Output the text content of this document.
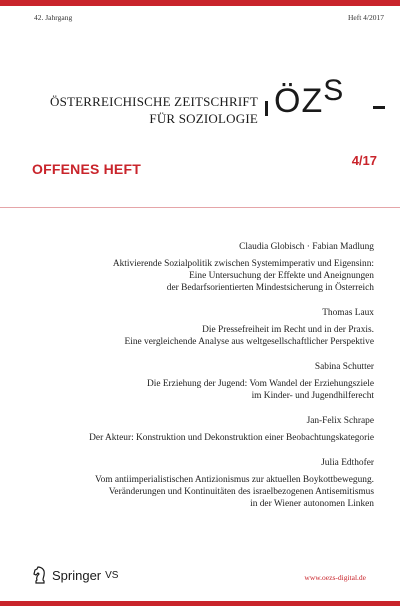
42. Jahrgang	Heft 4/2017
ÖSTERREICHISCHE ZEITSCHRIFT
FÜR SOZIOLOGIE ÖZS
OFFENES HEFT
4/17
Claudia Globisch · Fabian Madlung
Aktivierende Sozialpolitik zwischen Systemimperativ und Eigensinn:
Eine Untersuchung der Effekte und Aneignungen
der Bedarfsorientierten Mindestsicherung in Österreich
Thomas Laux
Die Pressefreiheit im Recht und in der Praxis.
Eine vergleichende Analyse aus weltgesellschaftlicher Perspektive
Sabina Schutter
Die Erziehung der Jugend: Vom Wandel der Erziehungsziele
im Kinder- und Jugendhilferecht
Jan-Felix Schrape
Der Akteur: Konstruktion und Dekonstruktion einer Beobachtungskategorie
Julia Edthofer
Vom antiimperialistischen Antizionismus zur aktuellen Boykottbewegung.
Veränderungen und Kontinuitäten des israelbezogenen Antisemitismus
in der Wiener autonomen Linken
Springer VS	www.oezs-digital.de
